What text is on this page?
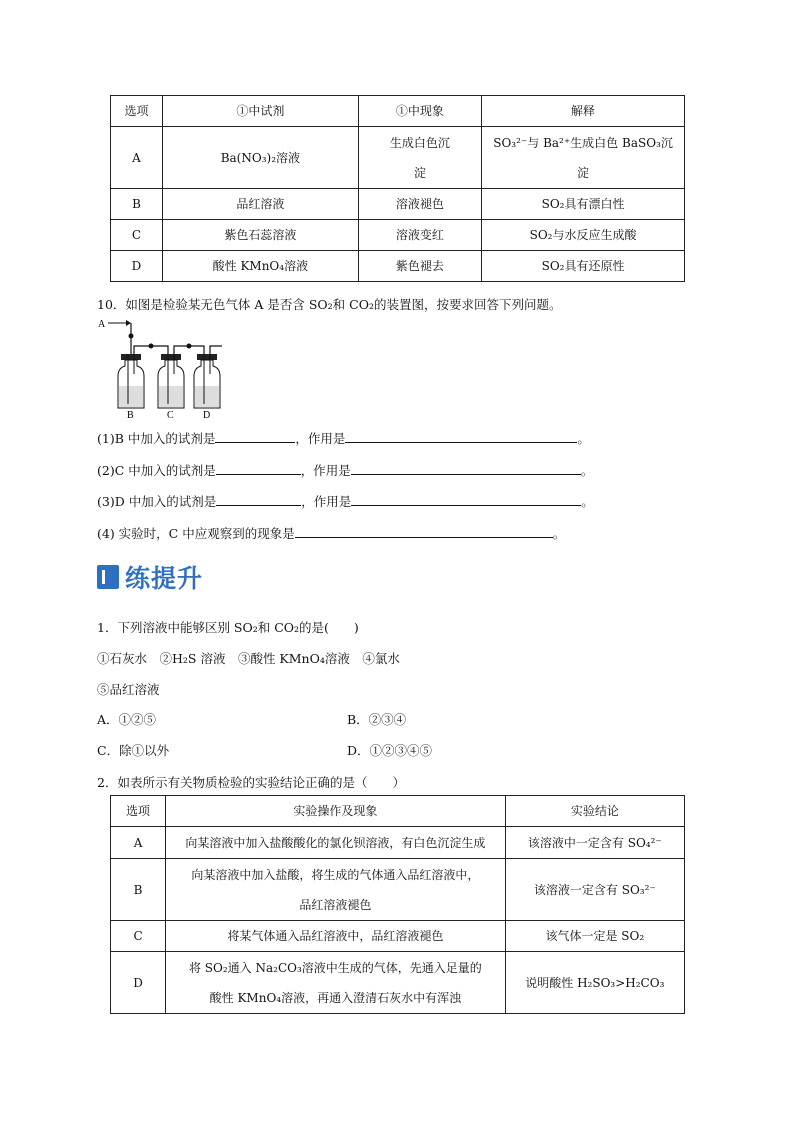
选项	①中试剂	①中现象	解释
A	Ba(NO₃)₂溶液	生成白色沉淀	SO₃²⁻与 Ba²⁺生成白色 BaSO₃沉淀

B	品红溶液	溶液褪色	SO₂具有漂白性
C	紫色石蕊溶液	溶液变红	SO₂与水反应生成酸
D	酸性 KMnO₄溶液	紫色褪去	SO₂具有还原性
10．如图是检验某无色气体 A 是否含 SO₂和 CO₂的装置图，按要求回答下列问题。
A
B	C	D
(1)B 中加入的试剂是	，作用是	。
(2)C 中加入的试剂是	，作用是	。
(3)D 中加入的试剂是	，作用是	。
(4) 实验时，C 中应观察到的现象是	。
练提升
1．下列溶液中能够区别 SO₂和 CO₂的是(　　)
①石灰水　②H₂S 溶液　③酸性 KMnO₄溶液　④氯水
⑤品红溶液
A．①②⑤	B．②③④
C．除①以外	D．①②③④⑤
2．如表所示有关物质检验的实验结论正确的是（　　）
选项	实验操作及现象	实验结论
A	向某溶液中加入盐酸酸化的氯化钡溶液，有白色沉淀生成	该溶液中一定含有 SO₄²⁻
B	向某溶液中加入盐酸，将生成的气体通入品红溶液中，
品红溶液褪色	该溶液一定含有 SO₃²⁻
C	将某气体通入品红溶液中，品红溶液褪色	该气体一定是 SO₂
D	将 SO₂通入 Na₂CO₃溶液中生成的气体，先通入足量的
酸性 KMnO₄溶液，再通入澄清石灰水中有浑浊	说明酸性 H₂SO₃>H₂CO₃
